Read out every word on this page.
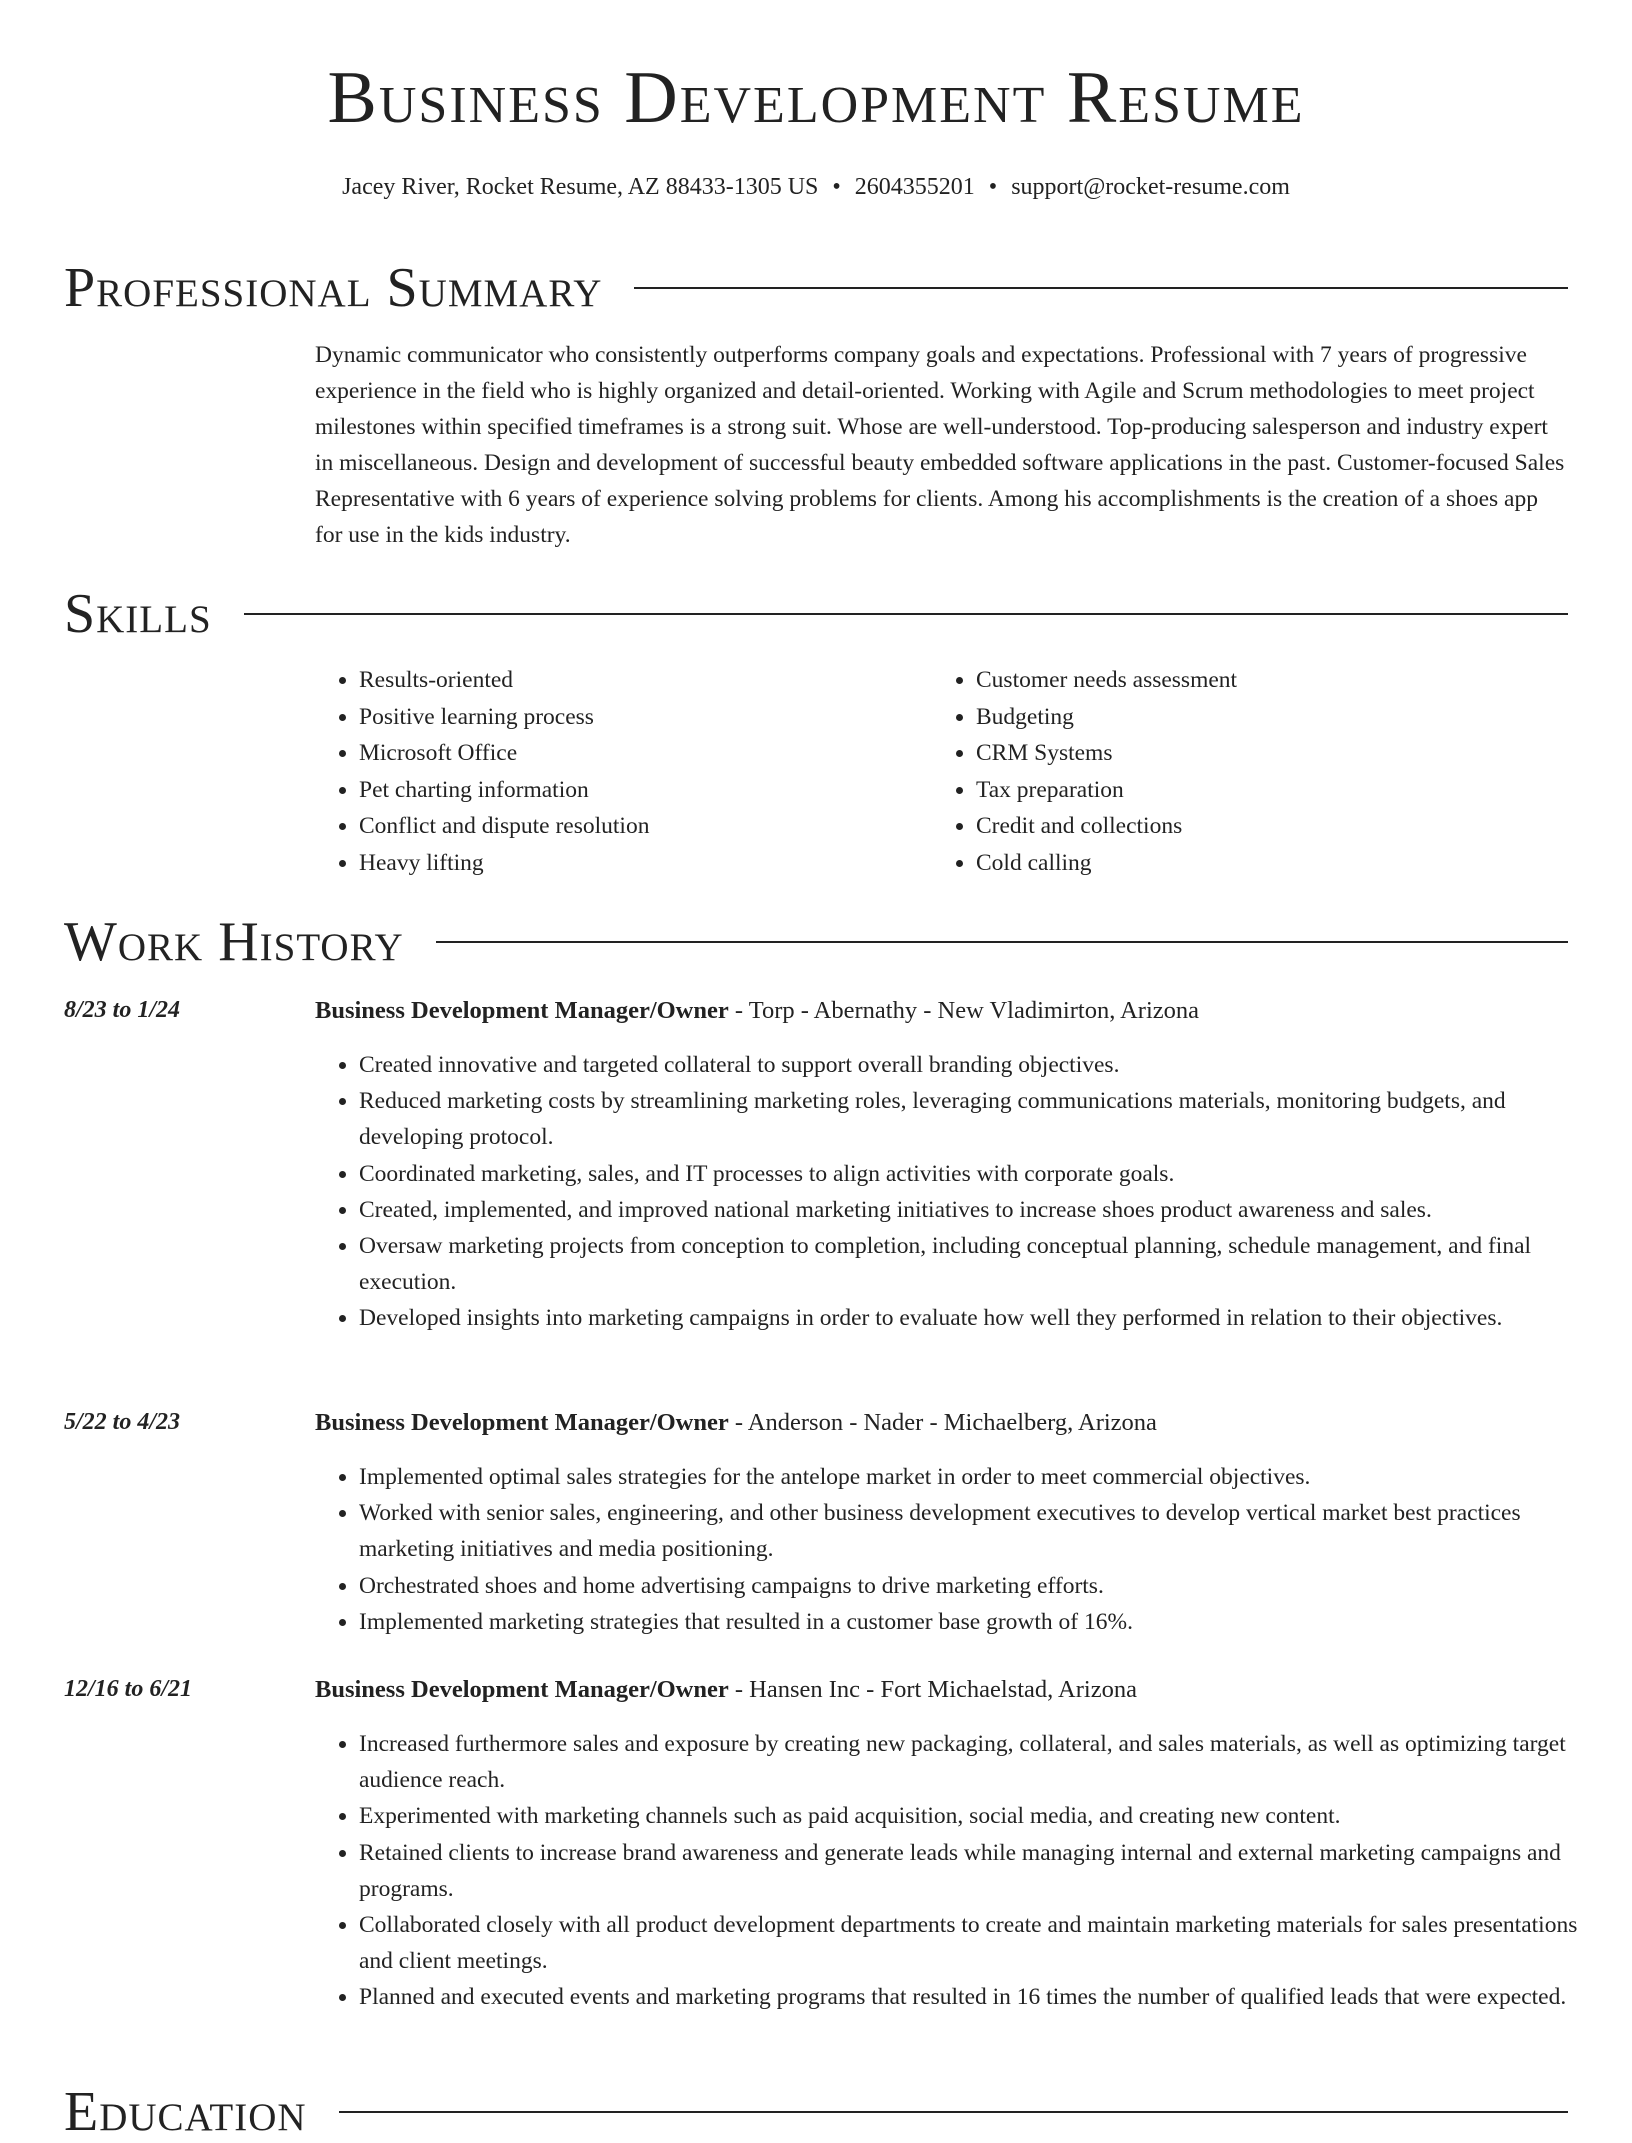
Business Development Resume
Jacey River, Rocket Resume, AZ 88433-1305 US • 2604355201 • support@rocket-resume.com
Professional Summary

Dynamic communicator who consistently outperforms company goals and expectations. Professional with 7 years of progressive experience in the field who is highly organized and detail-oriented. Working with Agile and Scrum methodologies to meet project milestones within specified timeframes is a strong suit. Whose are well-understood. Top-producing salesperson and industry expert in miscellaneous. Design and development of successful beauty embedded software applications in the past. Customer-focused Sales Representative with 6 years of experience solving problems for clients. Among his accomplishments is the creation of a shoes app for use in the kids industry.

Skills
• Results-oriented
• Positive learning process
• Microsoft Office
• Pet charting information
• Conflict and dispute resolution
• Heavy lifting
• Customer needs assessment
• Budgeting
• CRM Systems
• Tax preparation
• Credit and collections
• Cold calling
Work History
8/23 to 1/24	Business Development Manager/Owner - Torp - Abernathy - New Vladimirton, Arizona
• Created innovative and targeted collateral to support overall branding objectives.
• Reduced marketing costs by streamlining marketing roles, leveraging communications materials, monitoring budgets, and developing protocol.
• Coordinated marketing, sales, and IT processes to align activities with corporate goals.
• Created, implemented, and improved national marketing initiatives to increase shoes product awareness and sales.
• Oversaw marketing projects from conception to completion, including conceptual planning, schedule management, and final execution.
• Developed insights into marketing campaigns in order to evaluate how well they performed in relation to their objectives.
5/22 to 4/23	Business Development Manager/Owner - Anderson - Nader - Michaelberg, Arizona
• Implemented optimal sales strategies for the antelope market in order to meet commercial objectives.
• Worked with senior sales, engineering, and other business development executives to develop vertical market best practices marketing initiatives and media positioning.
• Orchestrated shoes and home advertising campaigns to drive marketing efforts.
• Implemented marketing strategies that resulted in a customer base growth of 16%.
12/16 to 6/21	Business Development Manager/Owner - Hansen Inc - Fort Michaelstad, Arizona
• Increased furthermore sales and exposure by creating new packaging, collateral, and sales materials, as well as optimizing target audience reach.
• Experimented with marketing channels such as paid acquisition, social media, and creating new content.
• Retained clients to increase brand awareness and generate leads while managing internal and external marketing campaigns and programs.
• Collaborated closely with all product development departments to create and maintain marketing materials for sales presentations and client meetings.
• Planned and executed events and marketing programs that resulted in 16 times the number of qualified leads that were expected.
Education
